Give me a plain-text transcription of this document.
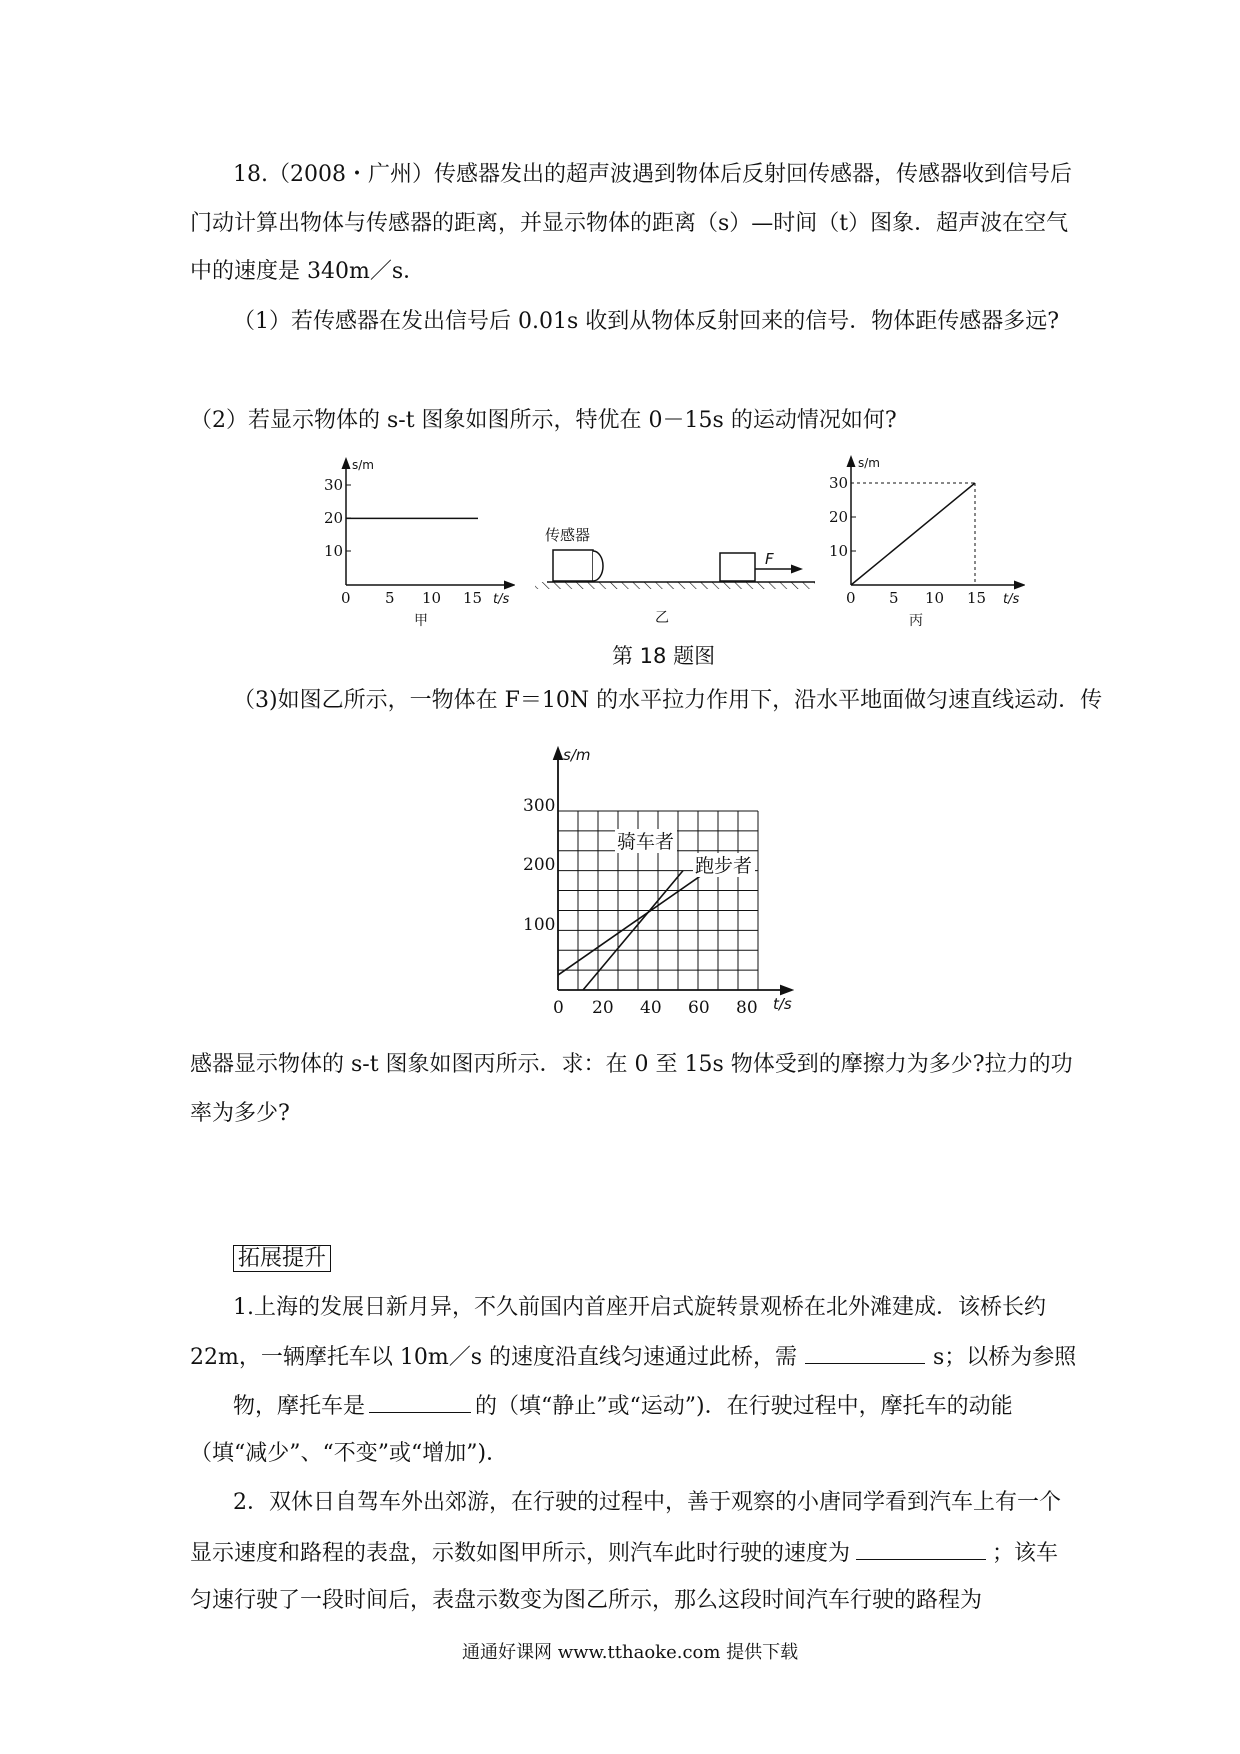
18.（2008・广州）传感器发出的超声波遇到物体后反射回传感器，传感器收到信号后
门动计算出物体与传感器的距离，并显示物体的距离（s）—时间（t）图象．超声波在空气
中的速度是 340m／s．
（1）若传感器在发出信号后 0.01s 收到从物体反射回来的信号．物体距传感器多远?
（2）若显示物体的 s-t 图象如图所示，特优在 0－15s 的运动情况如何?
s/m
t/s
10
20
30
0 5 10 15
甲
传感器
F
乙
s/m
t/s
10
20
30
0 5 10 15
丙
第 18 题图
（3)如图乙所示，一物体在 F＝10N 的水平拉力作用下，沿水平地面做匀速直线运动．传
s/m
t/s
100
200
300
0 20 40 60 80
骑车者
跑步者
感器显示物体的 s-t 图象如图丙所示．求：在 0 至 15s 物体受到的摩擦力为多少?拉力的功
率为多少?
拓展提升
1.上海的发展日新月异，不久前国内首座开启式旋转景观桥在北外滩建成．该桥长约
22m，一辆摩托车以 10m／s 的速度沿直线匀速通过此桥，需	s；以桥为参照
物，摩托车是	的（填“静止”或“运动”)．在行驶过程中，摩托车的动能
（填“减少”、“不变”或“增加”)．
2．双休日自驾车外出郊游，在行驶的过程中，善于观察的小唐同学看到汽车上有一个
显示速度和路程的表盘，示数如图甲所示，则汽车此时行驶的速度为	；该车
匀速行驶了一段时间后，表盘示数变为图乙所示，那么这段时间汽车行驶的路程为
通通好课网 www.tthaoke.com 提供下载
